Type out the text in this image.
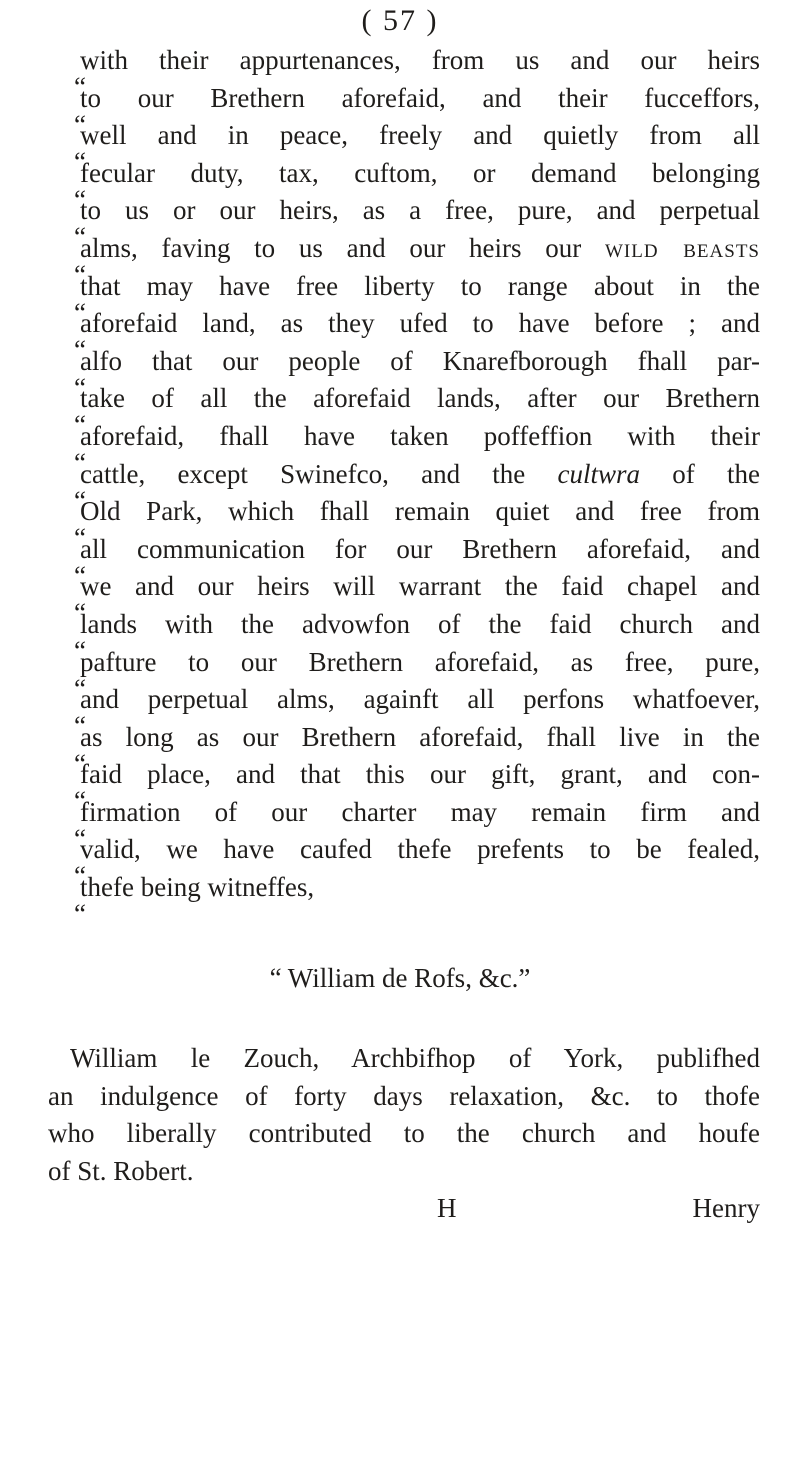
( 57 )
with their appurtenances, from us and our heirs
to our Brethern aforefaid, and their fucceffors,
well and in peace, freely and quietly from all
fecular duty, tax, cuftom, or demand belonging
to us or our heirs, as a free, pure, and perpetual
alms, faving to us and our heirs our wild beasts
that may have free liberty to range about in the
aforefaid land, as they ufed to have before ; and
alfo that our people of Knarefborough fhall par-
take of all the aforefaid lands, after our Brethern
aforefaid, fhall have taken poffeffion with their
cattle, except Swinefco, and the cultwra of the
Old Park, which fhall remain quiet and free from
all communication for our Brethern aforefaid, and
we and our heirs will warrant the faid chapel and
lands with the advowfon of the faid church and
pafture to our Brethern aforefaid, as free, pure,
and perpetual alms, againft all perfons whatfoever,
as long as our Brethern aforefaid, fhall live in the
faid place, and that this our gift, grant, and con-
firmation of our charter may remain firm and
valid, we have caufed thefe prefents to be fealed,
thefe being witneffes,
“ William de Rofs, &c.”
William le Zouch, Archbifhop of York, publifhed
an indulgence of forty days relaxation, &c. to thofe
who liberally contributed to the church and houfe
of St. Robert.
H	Henry
